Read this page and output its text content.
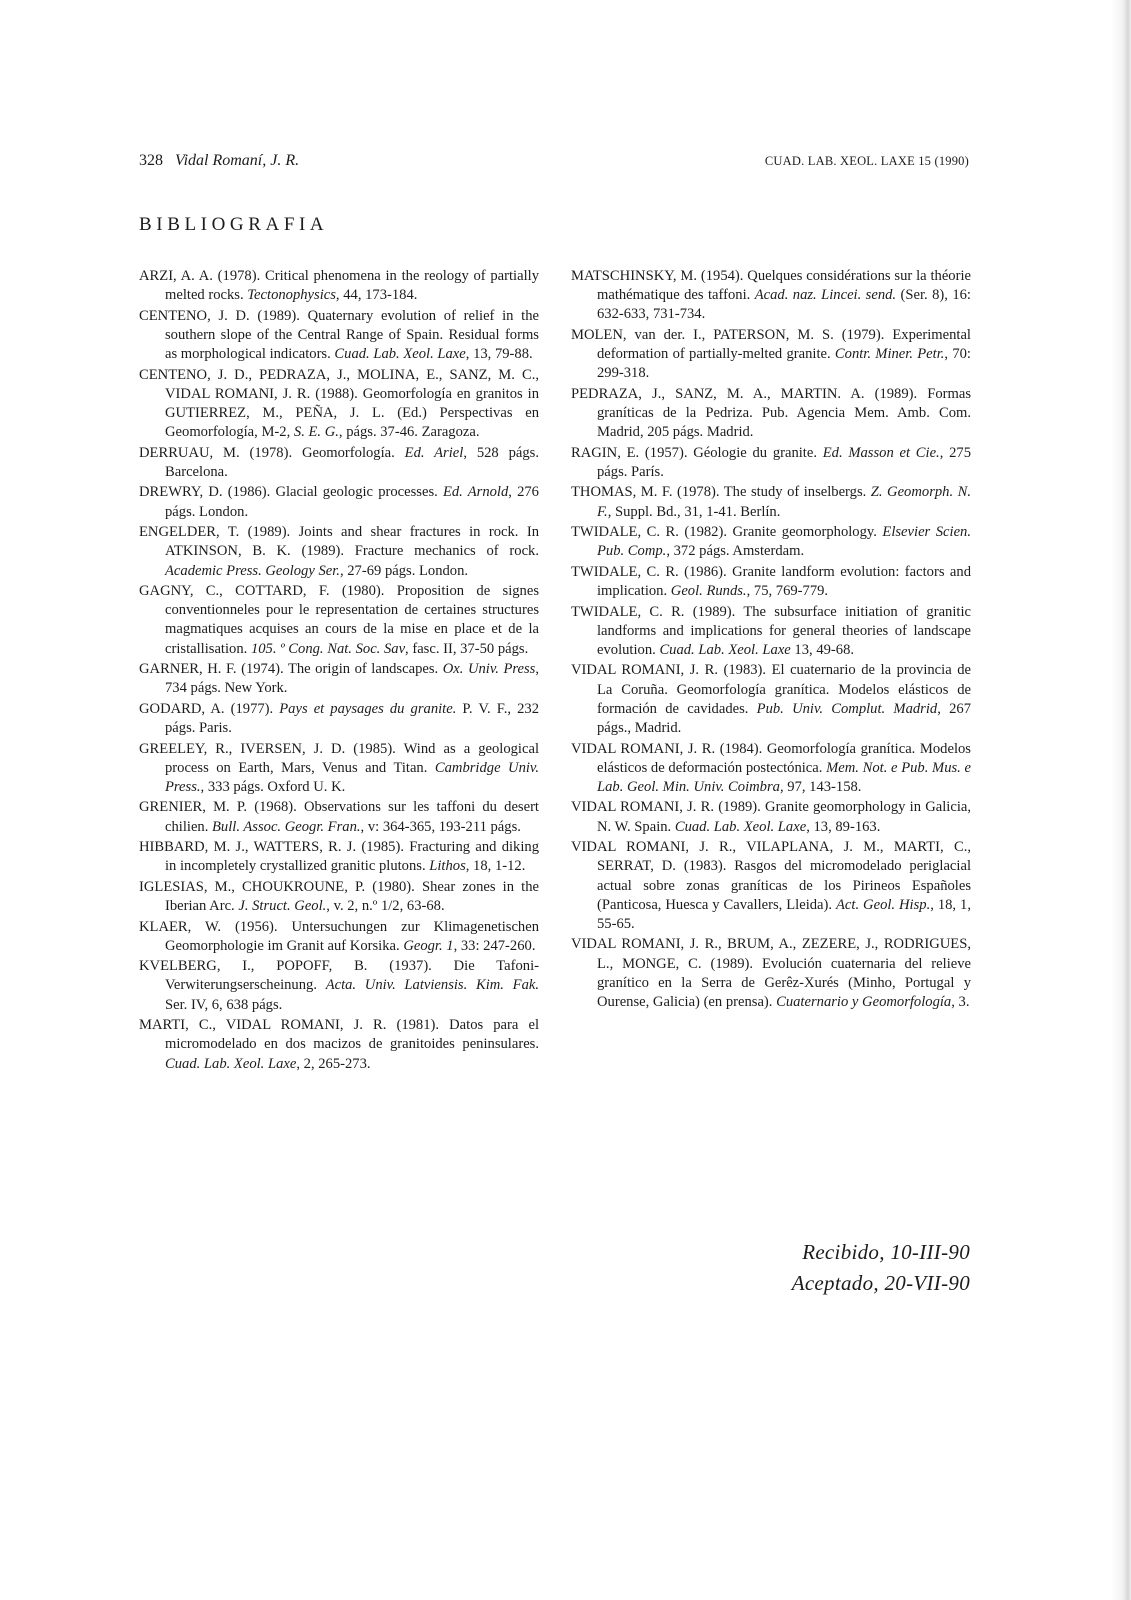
328 Vidal Romaní, J. R.	CUAD. LAB. XEOL. LAXE 15 (1990)
BIBLIOGRAFIA

ARZI, A. A. (1978). Critical phenomena in the reology of partially melted rocks. Tectonophysics, 44, 173-184.

CENTENO, J. D. (1989). Quaternary evolution of relief in the southern slope of the Central Range of Spain. Residual forms as morphological indicators. Cuad. Lab. Xeol. Laxe, 13, 79-88.

CENTENO, J. D., PEDRAZA, J., MOLINA, E., SANZ, M. C., VIDAL ROMANI, J. R. (1988). Geomorfología en granitos in GUTIERREZ, M., PEÑA, J. L. (Ed.) Perspectivas en Geomorfología, M-2, S. E. G., págs. 37-46. Zaragoza.

DERRUAU, M. (1978). Geomorfología. Ed. Ariel, 528 págs. Barcelona.

DREWRY, D. (1986). Glacial geologic processes. Ed. Arnold, 276 págs. London.

ENGELDER, T. (1989). Joints and shear fractures in rock. In ATKINSON, B. K. (1989). Fracture mechanics of rock. Academic Press. Geology Ser., 27-69 págs. London.

GAGNY, C., COTTARD, F. (1980). Proposition de signes conventionneles pour le representation de certaines structures magmatiques acquises an cours de la mise en place et de la cristallisation. 105. º Cong. Nat. Soc. Sav, fasc. II, 37-50 págs.

GARNER, H. F. (1974). The origin of landscapes. Ox. Univ. Press, 734 págs. New York.

GODARD, A. (1977). Pays et paysages du granite. P. V. F., 232 págs. Paris.

GREELEY, R., IVERSEN, J. D. (1985). Wind as a geological process on Earth, Mars, Venus and Titan. Cambridge Univ. Press., 333 págs. Oxford U. K.

GRENIER, M. P. (1968). Observations sur les taffoni du desert chilien. Bull. Assoc. Geogr. Fran., v: 364-365, 193-211 págs.

HIBBARD, M. J., WATTERS, R. J. (1985). Fracturing and diking in incompletely crystallized granitic plutons. Lithos, 18, 1-12.

IGLESIAS, M., CHOUKROUNE, P. (1980). Shear zones in the Iberian Arc. J. Struct. Geol., v. 2, n.º 1/2, 63-68.

KLAER, W. (1956). Untersuchungen zur Klimagenetischen Geomorphologie im Granit auf Korsika. Geogr. 1, 33: 247-260.

KVELBERG, I., POPOFF, B. (1937). Die Tafoni-Verwiterungserscheinung. Acta. Univ. Latviensis. Kim. Fak. Ser. IV, 6, 638 págs.

MARTI, C., VIDAL ROMANI, J. R. (1981). Datos para el micromodelado en dos macizos de granitoides peninsulares. Cuad. Lab. Xeol. Laxe, 2, 265-273.

MATSCHINSKY, M. (1954). Quelques considérations sur la théorie mathématique des taffoni. Acad. naz. Lincei. send. (Ser. 8), 16: 632-633, 731-734.

MOLEN, van der. I., PATERSON, M. S. (1979). Experimental deformation of partially-melted granite. Contr. Miner. Petr., 70: 299-318.

PEDRAZA, J., SANZ, M. A., MARTIN. A. (1989). Formas graníticas de la Pedriza. Pub. Agencia Mem. Amb. Com. Madrid, 205 págs. Madrid.

RAGIN, E. (1957). Géologie du granite. Ed. Masson et Cie., 275 págs. París.

THOMAS, M. F. (1978). The study of inselbergs. Z. Geomorph. N. F., Suppl. Bd., 31, 1-41. Berlín.

TWIDALE, C. R. (1982). Granite geomorphology. Elsevier Scien. Pub. Comp., 372 págs. Amsterdam.

TWIDALE, C. R. (1986). Granite landform evolution: factors and implication. Geol. Runds., 75, 769-779.

TWIDALE, C. R. (1989). The subsurface initiation of granitic landforms and implications for general theories of landscape evolution. Cuad. Lab. Xeol. Laxe 13, 49-68.

VIDAL ROMANI, J. R. (1983). El cuaternario de la provincia de La Coruña. Geomorfología granítica. Modelos elásticos de formación de cavidades. Pub. Univ. Complut. Madrid, 267 págs., Madrid.

VIDAL ROMANI, J. R. (1984). Geomorfología granítica. Modelos elásticos de deformación postectónica. Mem. Not. e Pub. Mus. e Lab. Geol. Min. Univ. Coimbra, 97, 143-158.

VIDAL ROMANI, J. R. (1989). Granite geomorphology in Galicia, N. W. Spain. Cuad. Lab. Xeol. Laxe, 13, 89-163.

VIDAL ROMANI, J. R., VILAPLANA, J. M., MARTI, C., SERRAT, D. (1983). Rasgos del micromodelado periglacial actual sobre zonas graníticas de los Pirineos Españoles (Panticosa, Huesca y Cavallers, Lleida). Act. Geol. Hisp., 18, 1, 55-65.

VIDAL ROMANI, J. R., BRUM, A., ZEZERE, J., RODRIGUES, L., MONGE, C. (1989). Evolución cuaternaria del relieve granítico en la Serra de Gerêz-Xurés (Minho, Portugal y Ourense, Galicia) (en prensa). Cuaternario y Geomorfología, 3.

Recibido, 10-III-90
Aceptado, 20-VII-90
